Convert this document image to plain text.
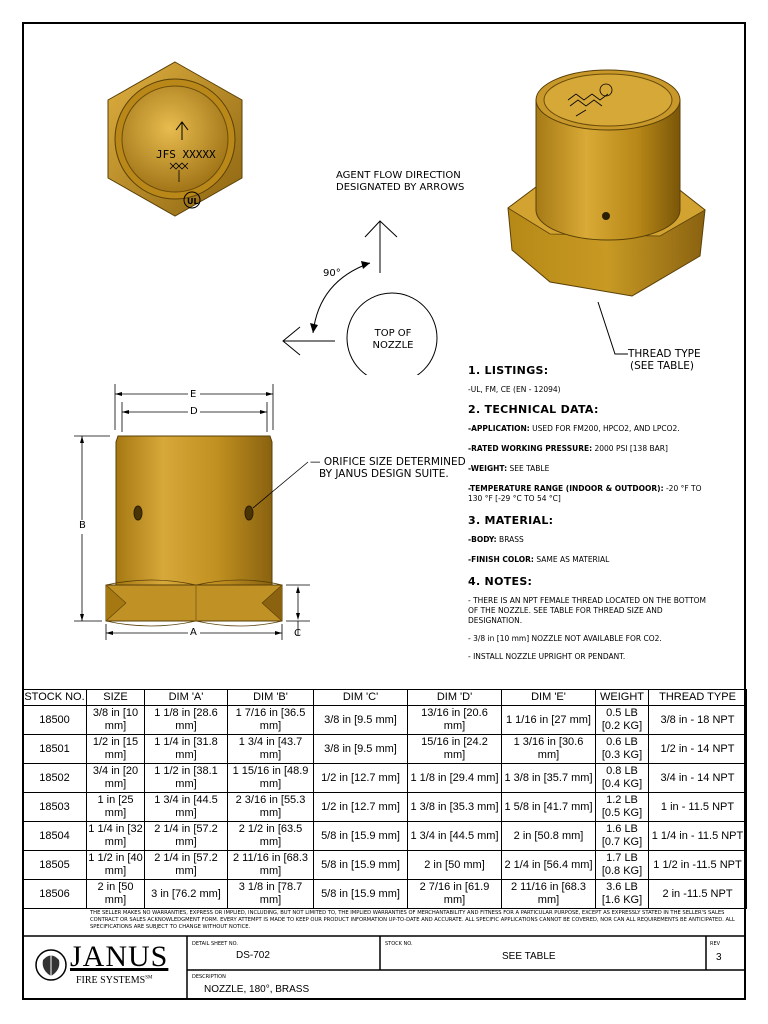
JFS XXXXX
UL
THREAD TYPE
(SEE TABLE)
AGENT FLOW DIRECTION
DESIGNATED BY ARROWS
90°
TOP OF
NOZZLE
E
D
B
A	C
— ORIFICE SIZE DETERMINED
BY JANUS DESIGN SUITE.
1. LISTINGS:
-UL, FM, CE (EN - 12094)
2. TECHNICAL DATA:
-APPLICATION: USED FOR FM200, HPCO2, AND LPCO2.
-RATED WORKING PRESSURE: 2000 PSI [138 BAR]
-WEIGHT: SEE TABLE
-TEMPERATURE RANGE (INDOOR & OUTDOOR): -20 °F TO 130 °F [-29 °C TO 54 °C]
3. MATERIAL:
-BODY: BRASS
-FINISH COLOR: SAME AS MATERIAL
4. NOTES:
- THERE IS AN NPT FEMALE THREAD LOCATED ON THE BOTTOM OF THE NOZZLE. SEE TABLE FOR THREAD SIZE AND DESIGNATION.
- 3/8 in [10 mm] NOZZLE NOT AVAILABLE FOR CO2.
- INSTALL NOZZLE UPRIGHT OR PENDANT.
STOCK NO.	SIZE	DIM 'A'	DIM 'B'	DIM 'C'	DIM 'D'	DIM 'E'	WEIGHT	THREAD TYPE
18500	3/8 in [10 mm]	1 1/8 in [28.6 mm]	1 7/16 in [36.5 mm]	3/8 in [9.5 mm]	13/16 in [20.6 mm]	1 1/16 in [27 mm]	0.5 LB [0.2 KG]	3/8 in - 18 NPT
18501	1/2 in [15 mm]	1 1/4 in [31.8 mm]	1 3/4 in [43.7 mm]	3/8 in [9.5 mm]	15/16 in [24.2 mm]	1 3/16 in [30.6 mm]	0.6 LB [0.3 KG]	1/2 in - 14 NPT
18502	3/4 in [20 mm]	1 1/2 in [38.1 mm]	1 15/16 in [48.9 mm]	1/2 in [12.7 mm]	1 1/8 in [29.4 mm]	1 3/8 in [35.7 mm]	0.8 LB [0.4 KG]	3/4 in - 14 NPT
18503	1 in [25 mm]	1 3/4 in [44.5 mm]	2 3/16 in [55.3 mm]	1/2 in [12.7 mm]	1 3/8 in [35.3 mm]	1 5/8 in [41.7 mm]	1.2 LB [0.5 KG]	1 in - 11.5 NPT
18504	1 1/4 in [32 mm]	2 1/4 in [57.2 mm]	2 1/2 in [63.5 mm]	5/8 in [15.9 mm]	1 3/4 in [44.5 mm]	2 in [50.8 mm]	1.6 LB [0.7 KG]	1 1/4 in - 11.5 NPT
18505	1 1/2 in [40 mm]	2 1/4 in [57.2 mm]	2 11/16 in [68.3 mm]	5/8 in [15.9 mm]	2 in [50 mm]	2 1/4 in [56.4 mm]	1.7 LB [0.8 KG]	1 1/2 in -11.5 NPT
18506	2 in [50 mm]	3 in [76.2 mm]	3 1/8 in [78.7 mm]	5/8 in [15.9 mm]	2 7/16 in [61.9 mm]	2 11/16 in [68.3 mm]	3.6 LB [1.6 KG]	2 in -11.5 NPT
THE SELLER MAKES NO WARRANTIES, EXPRESS OR IMPLIED, INCLUDING, BUT NOT LIMITED TO, THE IMPLIED WARRANTIES OF MERCHANTABILITY AND FITNESS FOR A PARTICULAR PURPOSE, EXCEPT AS EXPRESSLY STATED IN THE SELLER'S SALES CONTRACT OR SALES ACKNOWLEDGMENT FORM. EVERY ATTEMPT IS MADE TO KEEP OUR PRODUCT INFORMATION UP-TO-DATE AND ACCURATE. ALL SPECIFIC APPLICATIONS CANNOT BE COVERED, NOR CAN ALL REQUIREMENTS BE ANTICIPATED. ALL SPECIFICATIONS ARE SUBJECT TO CHANGE WITHOUT NOTICE.
JANUS
FIRE SYSTEMS℠
DETAIL SHEET NO.
DS-702
STOCK NO.
SEE TABLE
REV
3
DESCRIPTION
NOZZLE, 180°, BRASS
